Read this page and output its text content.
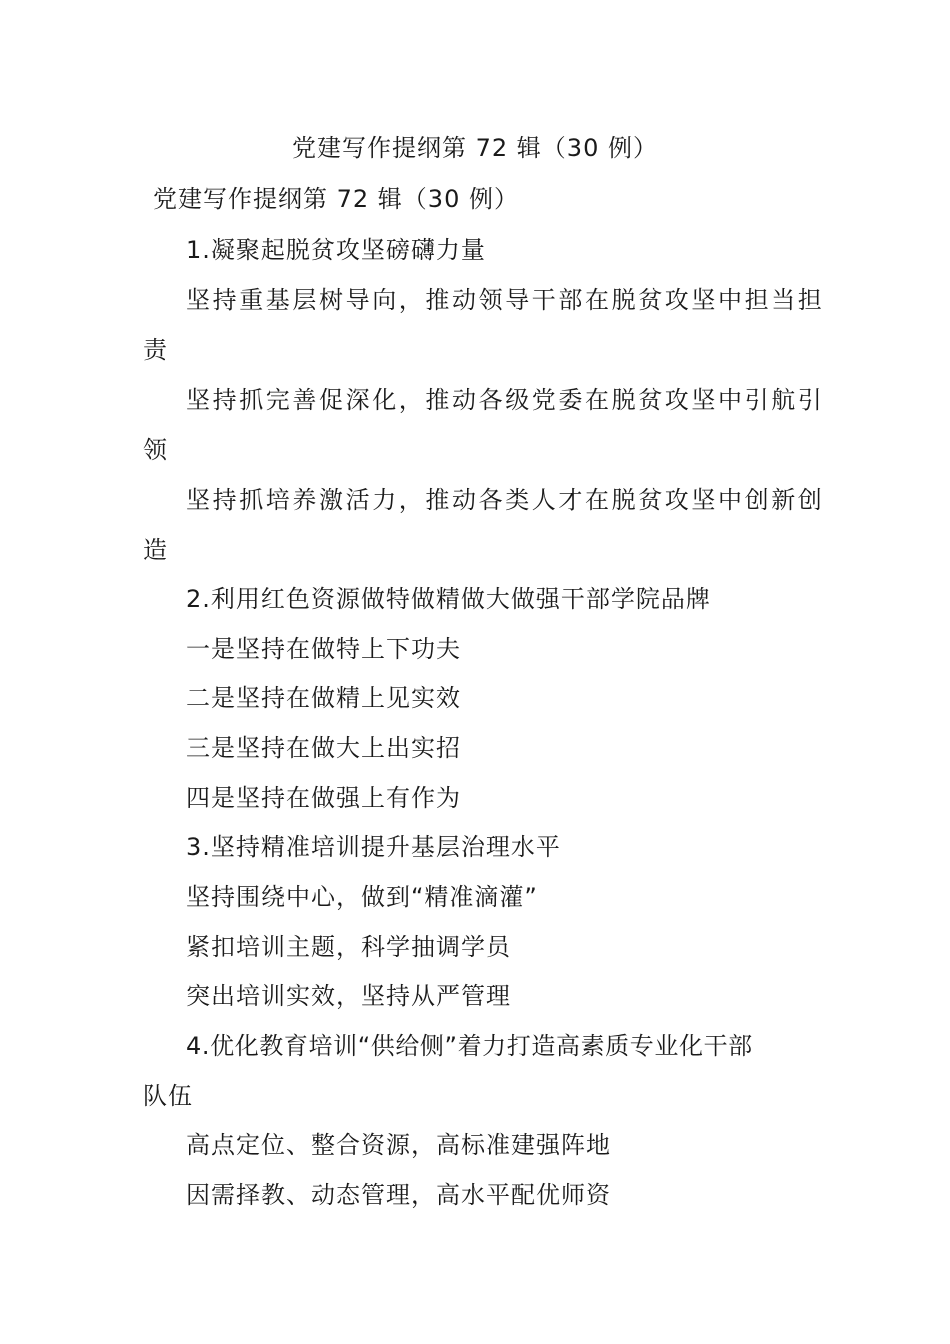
党建写作提纲第 72 辑（30 例）
党建写作提纲第 72 辑（30 例）
1.凝聚起脱贫攻坚磅礴力量
坚持重基层树导向，推动领导干部在脱贫攻坚中担当担
责
坚持抓完善促深化，推动各级党委在脱贫攻坚中引航引
领
坚持抓培养激活力，推动各类人才在脱贫攻坚中创新创
造
2.利用红色资源做特做精做大做强干部学院品牌
一是坚持在做特上下功夫
二是坚持在做精上见实效
三是坚持在做大上出实招
四是坚持在做强上有作为
3.坚持精准培训提升基层治理水平
坚持围绕中心，做到“精准滴灌”
紧扣培训主题，科学抽调学员
突出培训实效，坚持从严管理
4.优化教育培训“供给侧”着力打造高素质专业化干部
队伍
高点定位、整合资源，高标准建强阵地
因需择教、动态管理，高水平配优师资
